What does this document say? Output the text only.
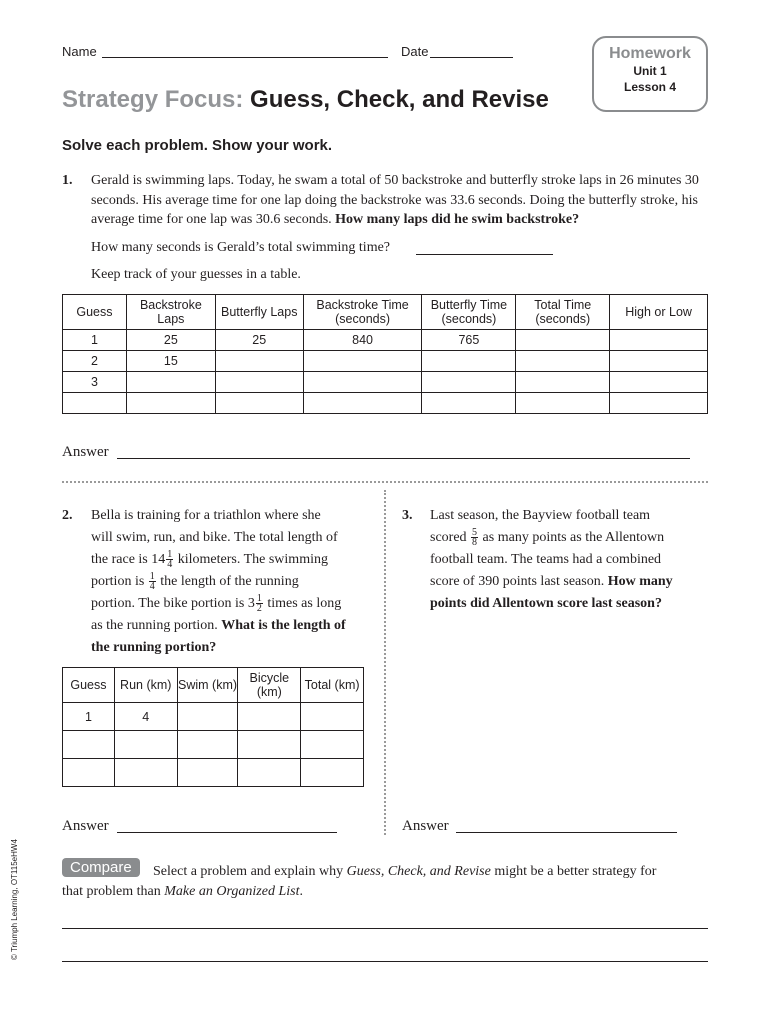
Name	Date	Homework
Unit 1
Lesson 4
Strategy Focus: Guess, Check, and Revise
Solve each problem. Show your work.
1. Gerald is swimming laps. Today, he swam a total of 50 backstroke and butterfly stroke laps in 26 minutes 30 seconds. His average time for one lap doing the backstroke was 33.6 seconds. Doing the butterfly stroke, his average time for one lap was 30.6 seconds. How many laps did he swim backstroke?
How many seconds is Gerald’s total swimming time?
Keep track of your guesses in a table.
Guess	Backstroke Laps	Butterfly Laps	Backstroke Time (seconds)	Butterfly Time (seconds)	Total Time (seconds)	High or Low
1	25	25	840	765		
2	15					
3						

Answer
2. Bella is training for a triathlon where she
will swim, run, and bike. The total length of
the race is $14 \frac{1}{4}$ kilometers. The swimming
portion is $\frac{1}{4}$ the length of the running
portion. The bike portion is $3 \frac{1}{2}$ times as long
as the running portion. What is the length of
the running portion?
Guess	Run (km)	Swim (km)	Bicycle (km)	Total (km)
1	4			

Answer
3. Last season, the Bayview football team
scored $\frac{5}{8}$ as many points as the Allentown
football team. The teams had a combined
score of 390 points last season. How many
points did Allentown score last season?
Answer
Compare	Select a problem and explain why Guess, Check, and Revise might be a better strategy for
that problem than Make an Organized List.
© Triumph Learning, OT115eHW4
